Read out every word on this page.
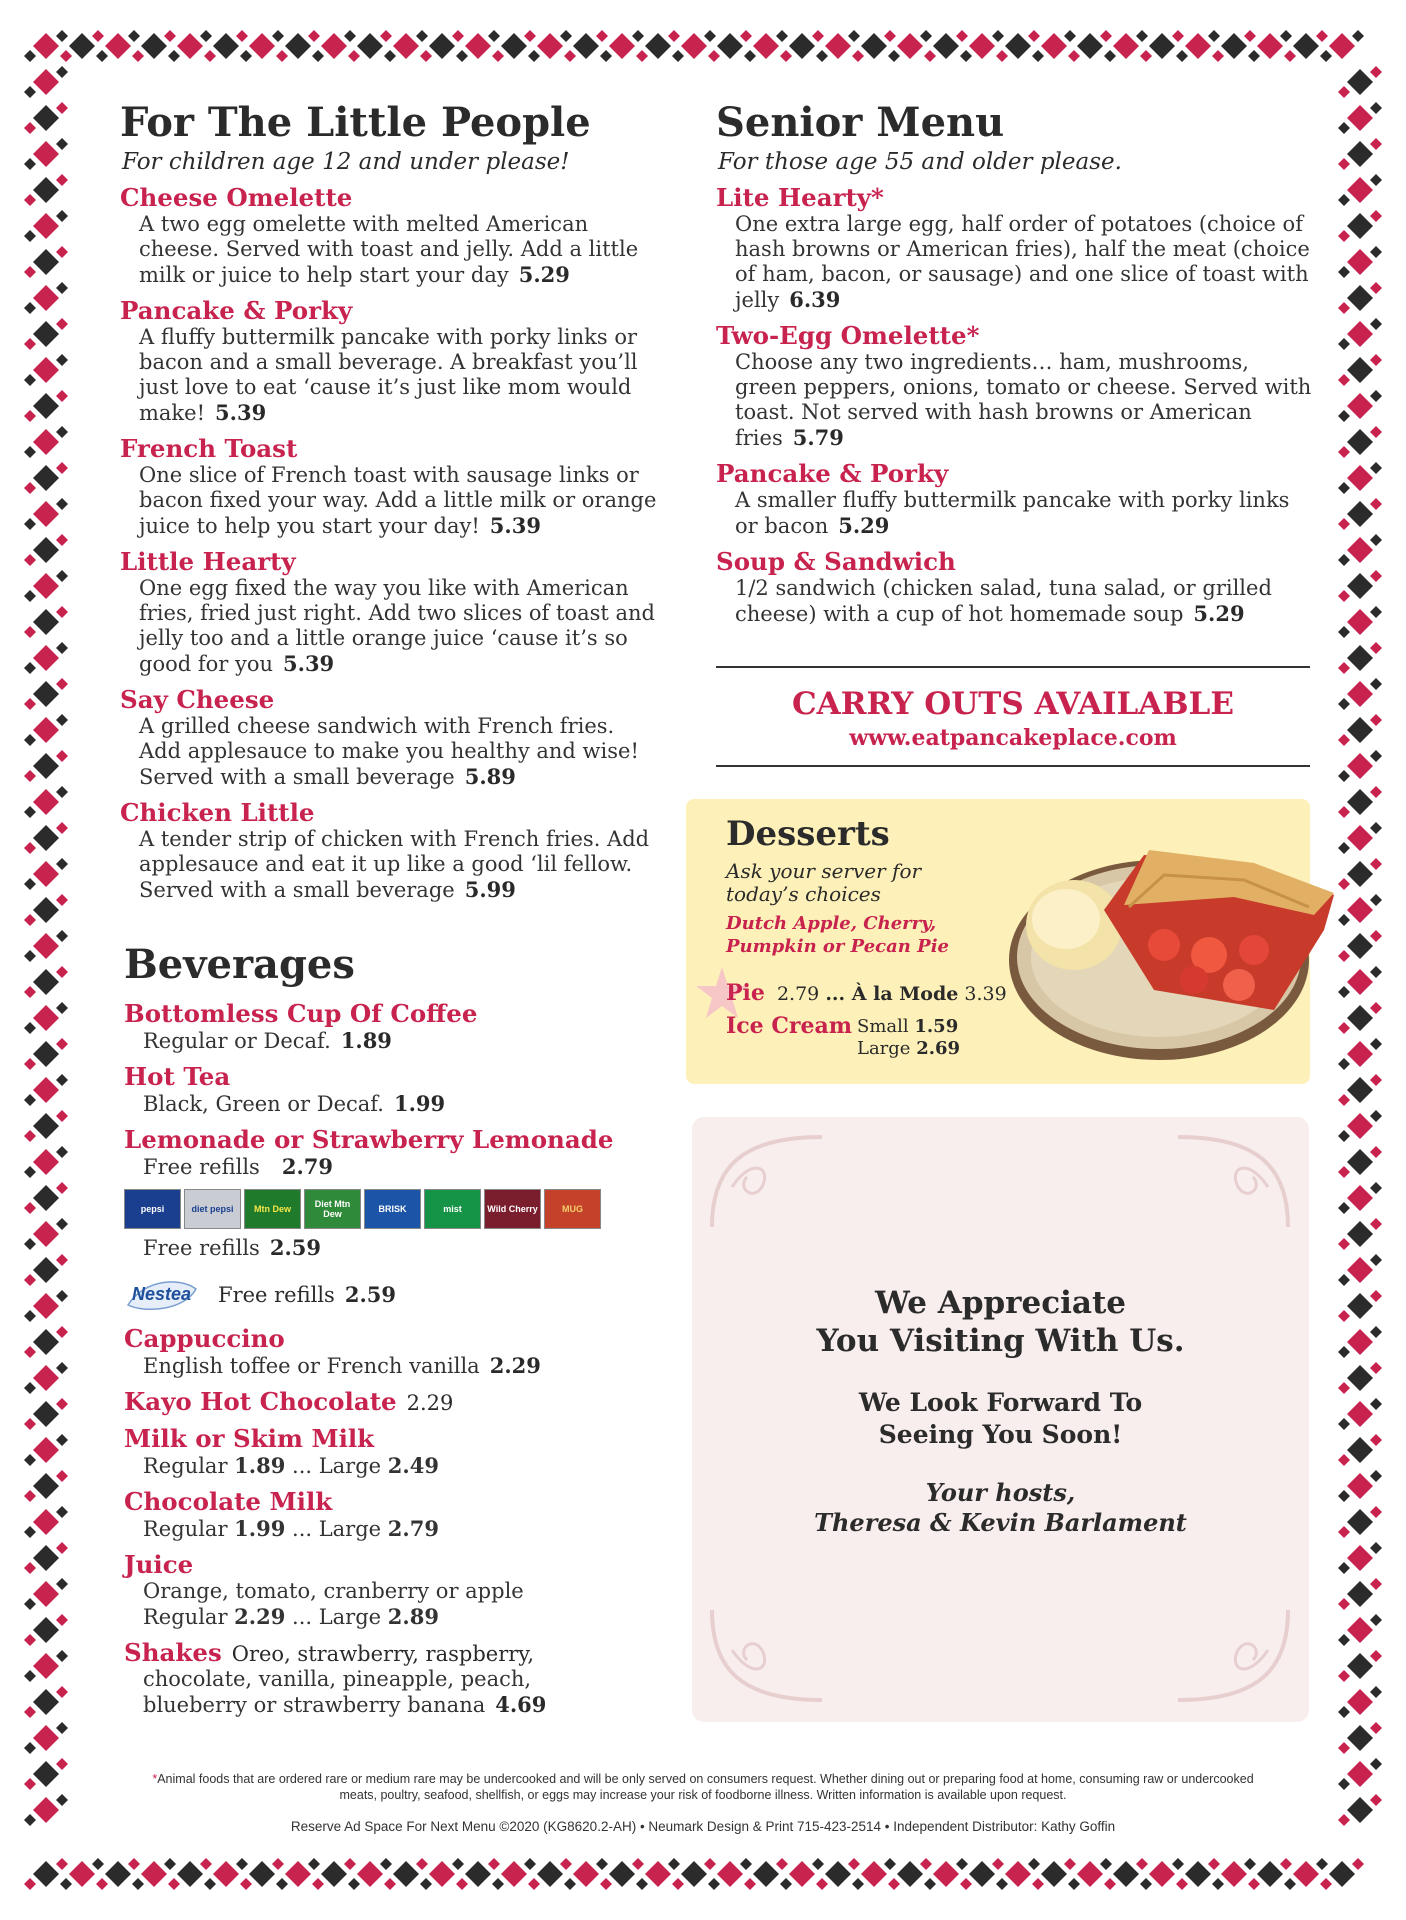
For The Little People
For children age 12 and under please!
Cheese Omelette
A two egg omelette with melted American cheese. Served with toast and jelly. Add a little milk or juice to help start your day 5.29
Pancake & Porky
A fluffy buttermilk pancake with porky links or bacon and a small beverage. A breakfast you’ll just love to eat ‘cause it’s just like mom would make! 5.39
French Toast
One slice of French toast with sausage links or bacon fixed your way. Add a little milk or orange juice to help you start your day! 5.39
Little Hearty
One egg fixed the way you like with American fries, fried just right. Add two slices of toast and jelly too and a little orange juice ‘cause it’s so good for you 5.39
Say Cheese
A grilled cheese sandwich with French fries. Add applesauce to make you healthy and wise! Served with a small beverage 5.89
Chicken Little
A tender strip of chicken with French fries. Add applesauce and eat it up like a good ‘lil fellow. Served with a small beverage 5.99
Senior Menu
For those age 55 and older please.
Lite Hearty*
One extra large egg, half order of potatoes (choice of hash browns or American fries), half the meat (choice of ham, bacon, or sausage) and one slice of toast with jelly 6.39
Two-Egg Omelette*
Choose any two ingredients… ham, mushrooms, green peppers, onions, tomato or cheese. Served with toast. Not served with hash browns or American fries 5.79
Pancake & Porky
A smaller fluffy buttermilk pancake with porky links or bacon 5.29
Soup & Sandwich
1/2 sandwich (chicken salad, tuna salad, or grilled cheese) with a cup of hot homemade soup 5.29
CARRY OUTS AVAILABLE
www.eatpancakeplace.com
Desserts
Ask your server for
today’s choices
Dutch Apple, Cherry,
Pumpkin or Pecan Pie
Pie 2.79 ... À la Mode 3.39
Ice Cream Small 1.59
Large 2.69
We Appreciate
You Visiting With Us.
We Look Forward To
Seeing You Soon!
Your hosts,
Theresa & Kevin Barlament
Beverages
Bottomless Cup Of Coffee
Regular or Decaf. 1.89
Hot Tea
Black, Green or Decaf. 1.99
Lemonade or Strawberry Lemonade
Free refills 2.79
pepsi	diet pepsi	Mtn Dew	Diet Mtn Dew	BRISK	mist	Wild Cherry	MUG
Free refills 2.59
Nestea Free refills 2.59
Cappuccino
English toffee or French vanilla 2.29
Kayo Hot Chocolate 2.29
Milk or Skim Milk
Regular 1.89 ... Large 2.49
Chocolate Milk
Regular 1.99 ... Large 2.79
Juice
Orange, tomato, cranberry or apple
Regular 2.29 ... Large 2.89
Shakes Oreo, strawberry, raspberry,
chocolate, vanilla, pineapple, peach,
blueberry or strawberry banana 4.69
*Animal foods that are ordered rare or medium rare may be undercooked and will be only served on consumers request. Whether dining out or preparing food at home, consuming raw or undercooked
meats, poultry, seafood, shellfish, or eggs may increase your risk of foodborne illness. Written information is available upon request.
Reserve Ad Space For Next Menu ©2020 (KG8620.2-AH) • Neumark Design & Print 715-423-2514 • Independent Distributor: Kathy Goffin
